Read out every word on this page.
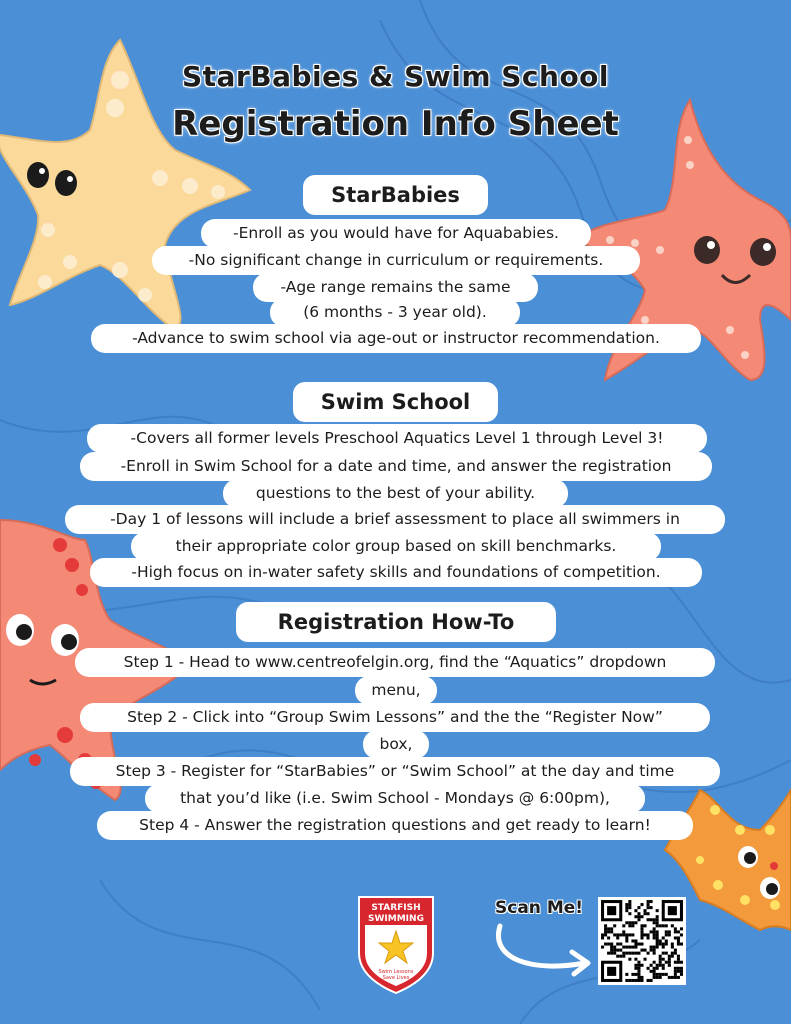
StarBabies & Swim School
Registration Info Sheet
StarBabies
-Enroll as you would have for Aquababies.
-No significant change in curriculum or requirements.
-Age range remains the same
(6 months - 3 year old).
-Advance to swim school via age-out or instructor recommendation.
Swim School
-Covers all former levels Preschool Aquatics Level 1 through Level 3!
-Enroll in Swim School for a date and time, and answer the registration
questions to the best of your ability.
-Day 1 of lessons will include a brief assessment to place all swimmers in
their appropriate color group based on skill benchmarks.
-High focus on in-water safety skills and foundations of competition.
Registration How-To
Step 1 - Head to www.centreofelgin.org, find the “Aquatics” dropdown
menu,
Step 2 - Click into “Group Swim Lessons” and the the “Register Now”
box,
Step 3 - Register for “StarBabies” or “Swim School” at the day and time
that you’d like (i.e. Swim School - Mondays @ 6:00pm),
Step 4 - Answer the registration questions and get ready to learn!
STARFISH
SWIMMING
Swim Lessons
Save Lives

Scan Me!
